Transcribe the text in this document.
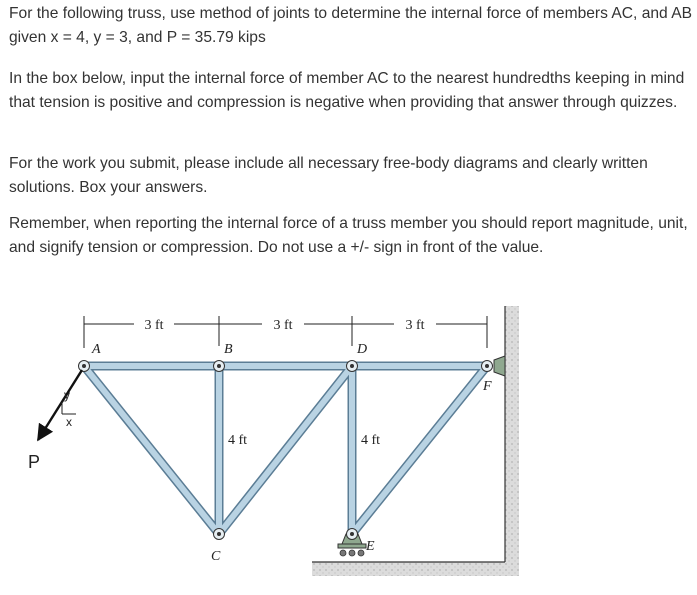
For the following truss, use method of joints to determine the internal force of members AC, and AB given x = 4, y = 3, and P = 35.79 kips

In the box below, input the internal force of member AC to the nearest hundredths keeping in mind that tension is positive and compression is negative when providing that answer through quizzes.

For the work you submit, please include all necessary free-body diagrams and clearly written solutions. Box your answers.

Remember, when reporting the internal force of a truss member you should report magnitude, unit, and signify tension or compression. Do not use a +/- sign in front of the value.

3 ft	3 ft	3 ft
4 ft	4 ft
A	B
C
D
E
F
y
x
P
